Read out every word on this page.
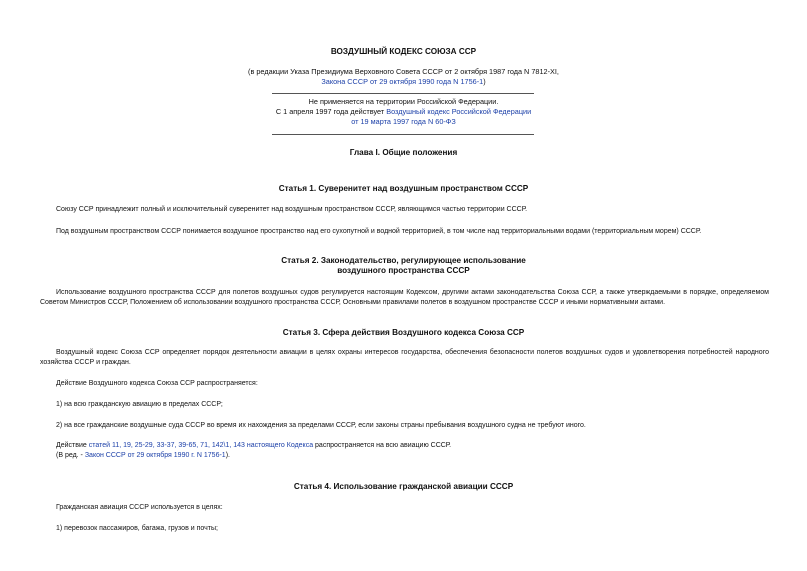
ВОЗДУШНЫЙ КОДЕКС СОЮЗА ССР
(в редакции Указа Президиума Верховного Совета СССР от 2 октября 1987 года N 7812-XI,
Закона СССР от 29 октября 1990 года N 1756-1)
Не применяется на территории Российской Федерации.
С 1 апреля 1997 года действует Воздушный кодекс Российской Федерации
от 19 марта 1997 года N 60-ФЗ
Глава I. Общие положения
Статья 1. Суверенитет над воздушным пространством СССР
Союзу ССР принадлежит полный и исключительный суверенитет над воздушным пространством СССР, являющимся частью территории СССР.
Под воздушным пространством СССР понимается воздушное пространство над его сухопутной и водной территорией, в том числе над территориальными водами (территориальным морем) СССР.
Статья 2. Законодательство, регулирующее использование
воздушного пространства СССР
Использование воздушного пространства СССР для полетов воздушных судов регулируется настоящим Кодексом, другими актами законодательства Союза ССР, а также утверждаемыми в порядке, определяемом Советом Министров СССР, Положением об использовании воздушного пространства СССР, Основными правилами полетов в воздушном пространстве СССР и иными нормативными актами.
Статья 3. Сфера действия Воздушного кодекса Союза ССР
Воздушный кодекс Союза ССР определяет порядок деятельности авиации в целях охраны интересов государства, обеспечения безопасности полетов воздушных судов и удовлетворения потребностей народного хозяйства СССР и граждан.
Действие Воздушного кодекса Союза ССР распространяется:
1) на всю гражданскую авиацию в пределах СССР;
2) на все гражданские воздушные суда СССР во время их нахождения за пределами СССР, если законы страны пребывания воздушного судна не требуют иного.
Действие статей 11, 19, 25-29, 33-37, 39-65, 71, 142\1, 143 настоящего Кодекса распространяется на всю авиацию СССР.
(В ред. - Закон СССР от 29 октября 1990 г. N 1756-1).
Статья 4. Использование гражданской авиации СССР
Гражданская авиация СССР используется в целях:
1) перевозок пассажиров, багажа, грузов и почты;
